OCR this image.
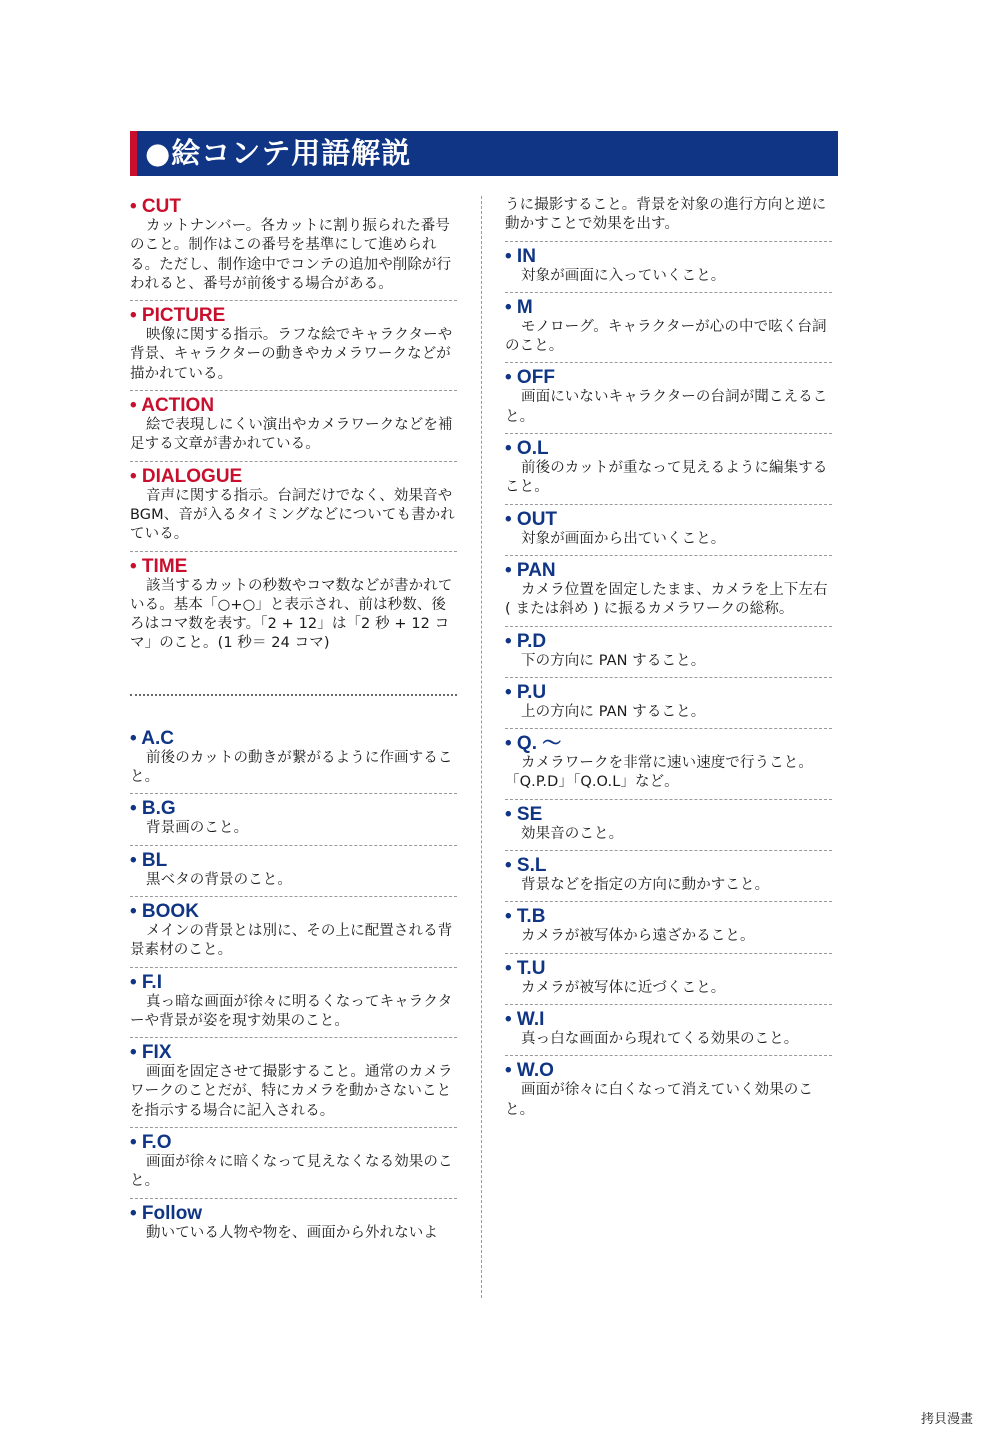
●絵コンテ用語解説
• CUT
カットナンバー。各カットに割り振られた番号のこと。制作はこの番号を基準にして進められる。ただし、制作途中でコンテの追加や削除が行われると、番号が前後する場合がある。
• PICTURE
映像に関する指示。ラフな絵でキャラクターや背景、キャラクターの動きやカメラワークなどが描かれている。
• ACTION
絵で表現しにくい演出やカメラワークなどを補足する文章が書かれている。
• DIALOGUE
音声に関する指示。台詞だけでなく、効果音や BGM、音が入るタイミングなどについても書かれている。
• TIME
該当するカットの秒数やコマ数などが書かれている。基本「○+○」と表示され、前は秒数、後ろはコマ数を表す。「2 + 12」は「2 秒 + 12 コマ」のこと。(1 秒＝ 24 コマ)
• A.C
前後のカットの動きが繋がるように作画すること。
• B.G
背景画のこと。
• BL
黒ベタの背景のこと。
• BOOK
メインの背景とは別に、その上に配置される背景素材のこと。
• F.I
真っ暗な画面が徐々に明るくなってキャラクターや背景が姿を現す効果のこと。
• FIX
画面を固定させて撮影すること。通常のカメラワークのことだが、特にカメラを動かさないことを指示する場合に記入される。
• F.O
画面が徐々に暗くなって見えなくなる効果のこと。
• Follow
動いている人物や物を、画面から外れないよ
うに撮影すること。背景を対象の進行方向と逆に動かすことで効果を出す。
• IN
対象が画面に入っていくこと。
• M
モノローグ。キャラクターが心の中で呟く台詞のこと。
• OFF
画面にいないキャラクターの台詞が聞こえること。
• O.L
前後のカットが重なって見えるように編集すること。
• OUT
対象が画面から出ていくこと。
• PAN
カメラ位置を固定したまま、カメラを上下左右 ( または斜め ) に振るカメラワークの総称。
• P.D
下の方向に PAN すること。
• P.U
上の方向に PAN すること。
• Q. ～
カメラワークを非常に速い速度で行うこと。「Q.P.D」「Q.O.L」など。
• SE
効果音のこと。
• S.L
背景などを指定の方向に動かすこと。
• T.B
カメラが被写体から遠ざかること。
• T.U
カメラが被写体に近づくこと。
• W.I
真っ白な画面から現れてくる効果のこと。
• W.O
画面が徐々に白くなって消えていく効果のこと。
拷貝漫畫
